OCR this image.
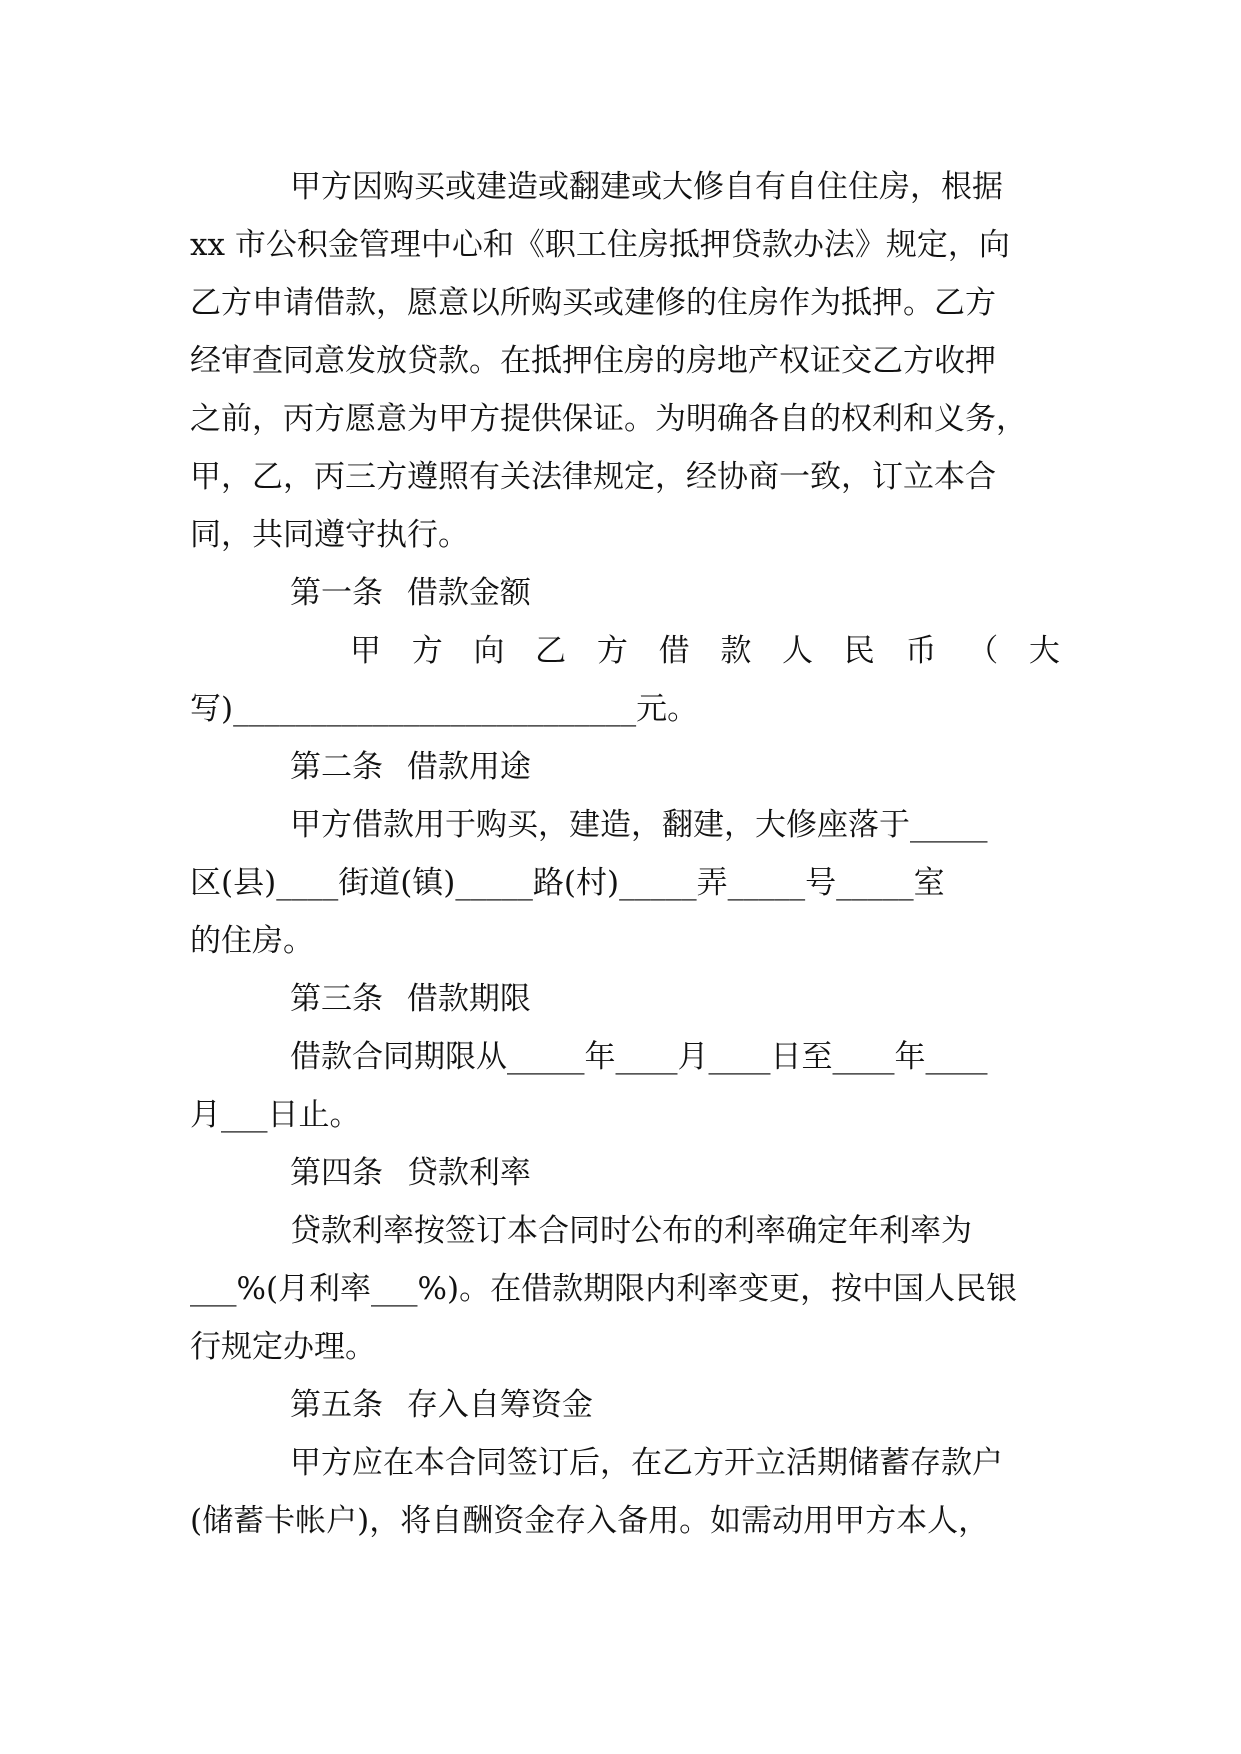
甲方因购买或建造或翻建或大修自有自住住房，根据
xx 市公积金管理中心和《职工住房抵押贷款办法》规定，向
乙方申请借款，愿意以所购买或建修的住房作为抵押。乙方
经审查同意发放贷款。在抵押住房的房地产权证交乙方收押
之前，丙方愿意为甲方提供保证。为明确各自的权利和义务，
甲，乙，丙三方遵照有关法律规定，经协商一致，订立本合
同，共同遵守执行。
第一条 借款金额
甲 方 向 乙 方 借 款 人 民 币 （ 大
写)__________________________元。
第二条 借款用途
甲方借款用于购买，建造，翻建，大修座落于_____
区(县)____街道(镇)_____路(村)_____弄_____号_____室
的住房。
第三条 借款期限
借款合同期限从_____年____月____日至____年____
月___日止。
第四条 贷款利率
贷款利率按签订本合同时公布的利率确定年利率为
___%(月利率___%)。在借款期限内利率变更，按中国人民银
行规定办理。
第五条 存入自筹资金
甲方应在本合同签订后，在乙方开立活期储蓄存款户
(储蓄卡帐户)，将自酬资金存入备用。如需动用甲方本人，
